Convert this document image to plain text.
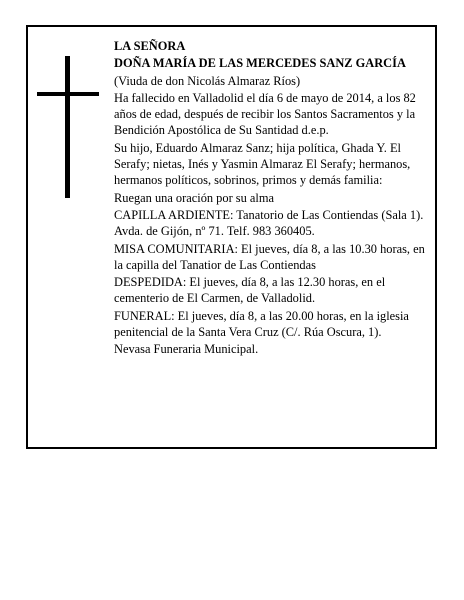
LA SEÑORA

DOÑA MARÍA DE LAS MERCEDES SANZ GARCÍA

(Viuda de don Nicolás Almaraz Ríos)

Ha fallecido en Valladolid el día 6 de mayo de 2014, a los 82 años de edad, después de recibir los Santos Sacramentos y la Bendición Apostólica de Su Santidad d.e.p.

Su hijo, Eduardo Almaraz Sanz; hija política, Ghada Y. El Serafy; nietas, Inés y Yasmin Almaraz El Serafy; hermanos, hermanos políticos, sobrinos, primos y demás familia:

Ruegan una oración por su alma

CAPILLA ARDIENTE: Tanatorio de Las Contiendas (Sala 1). Avda. de Gijón, nº 71. Telf. 983 360405.

MISA COMUNITARIA: El jueves, día 8, a las 10.30 horas, en la capilla del Tanatior de Las Contiendas

DESPEDIDA: El jueves, día 8, a las 12.30 horas, en el cementerio de El Carmen, de Valladolid.

FUNERAL: El jueves, día 8, a las 20.00 horas, en la iglesia penitencial de la Santa Vera Cruz (C/. Rúa Oscura, 1).

Nevasa Funeraria Municipal.
